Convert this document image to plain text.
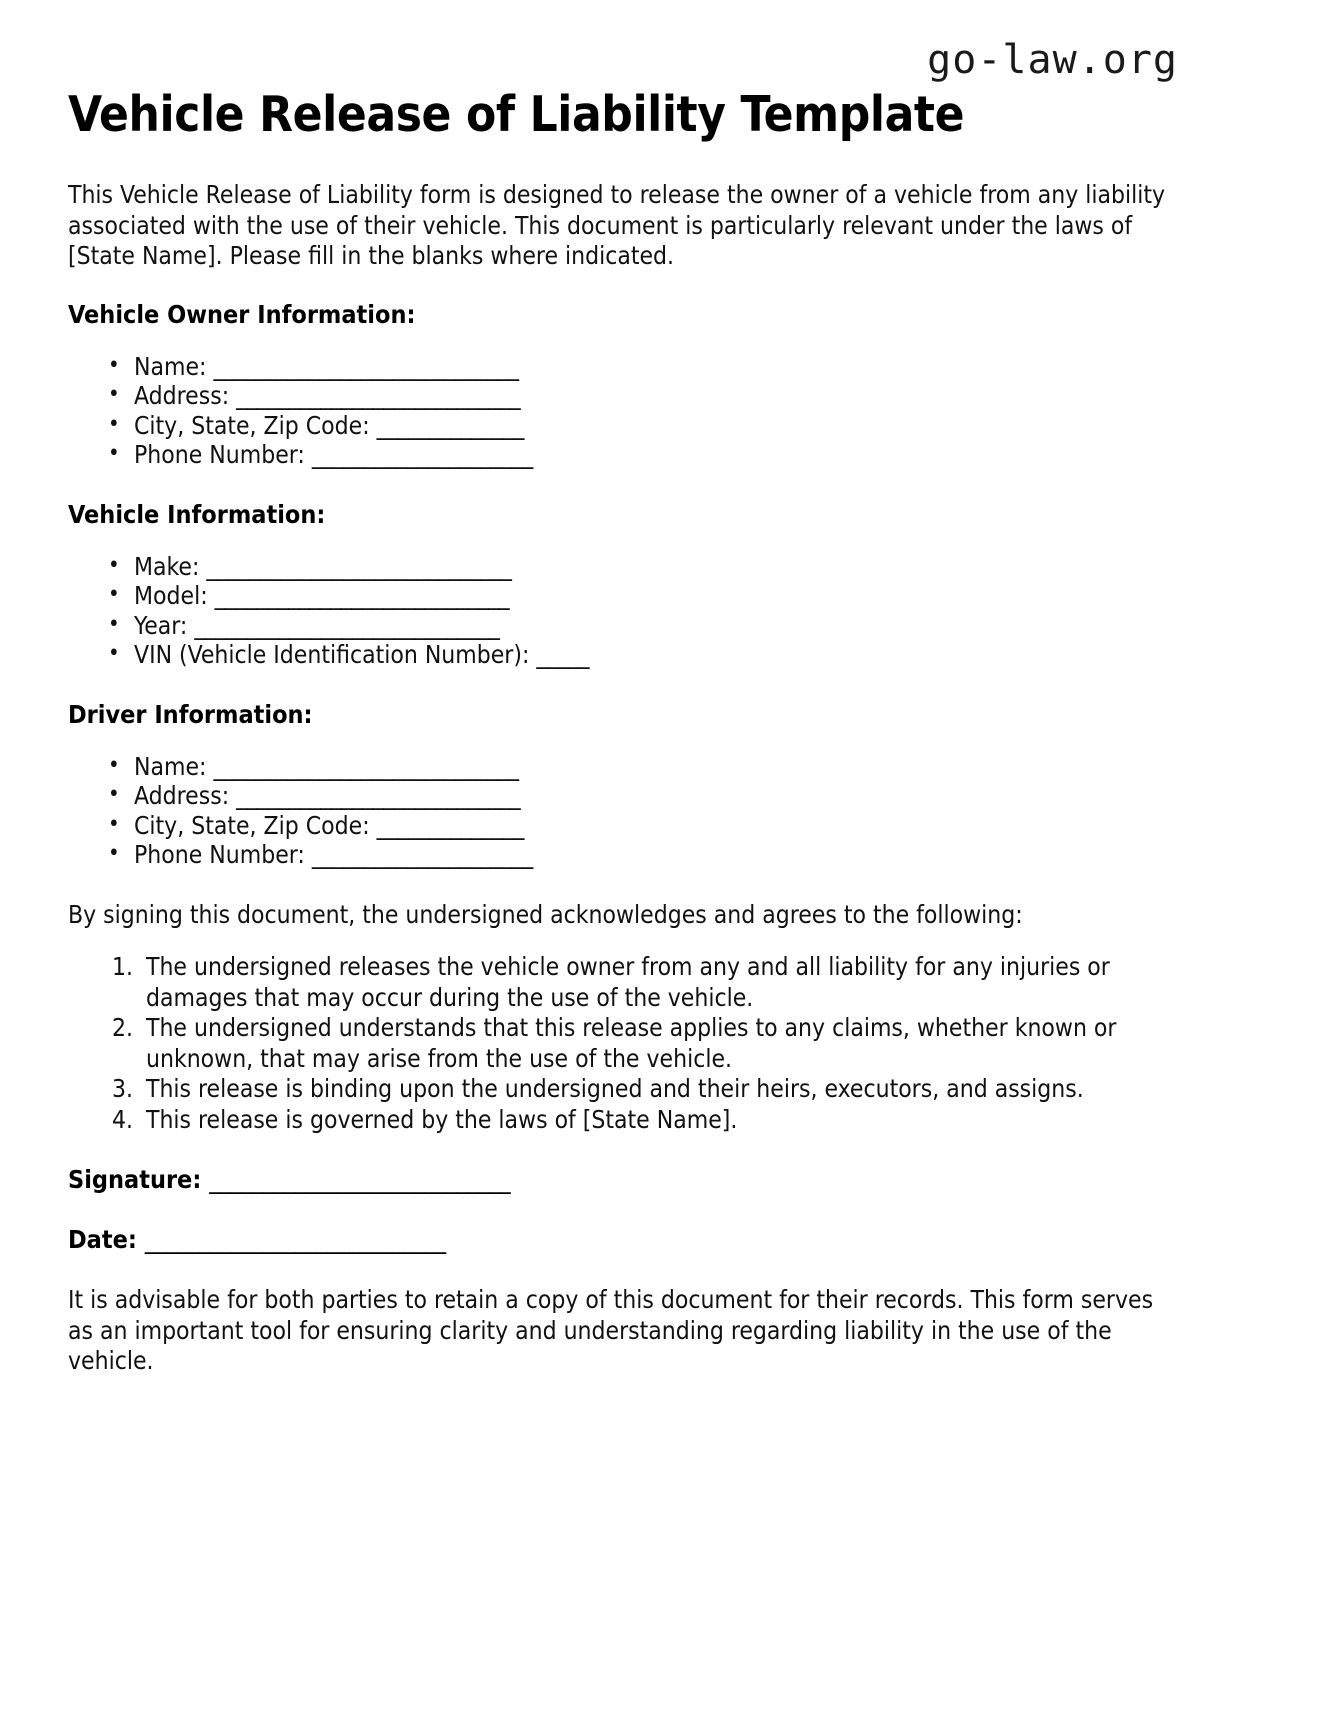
go-law.org
Vehicle Release of Liability Template

This Vehicle Release of Liability form is designed to release the owner of a vehicle from any liability associated with the use of their vehicle. This document is particularly relevant under the laws of [State Name]. Please fill in the blanks where indicated.

Vehicle Owner Information:
• Name: _____________________________
• Address: ___________________________
• City, State, Zip Code: ______________
• Phone Number: _____________________
Vehicle Information:
• Make: _____________________________
• Model: ____________________________
• Year: _____________________________
• VIN (Vehicle Identification Number): _____
Driver Information:
• Name: _____________________________
• Address: ___________________________
• City, State, Zip Code: ______________
• Phone Number: _____________________

By signing this document, the undersigned acknowledges and agrees to the following:

1. The undersigned releases the vehicle owner from any and all liability for any injuries or damages that may occur during the use of the vehicle.
2. The undersigned understands that this release applies to any claims, whether known or unknown, that may arise from the use of the vehicle.
3. This release is binding upon the undersigned and their heirs, executors, and assigns.
4. This release is governed by the laws of [State Name].

Signature: ____________________________

Date: ____________________________

It is advisable for both parties to retain a copy of this document for their records. This form serves as an important tool for ensuring clarity and understanding regarding liability in the use of the vehicle.
